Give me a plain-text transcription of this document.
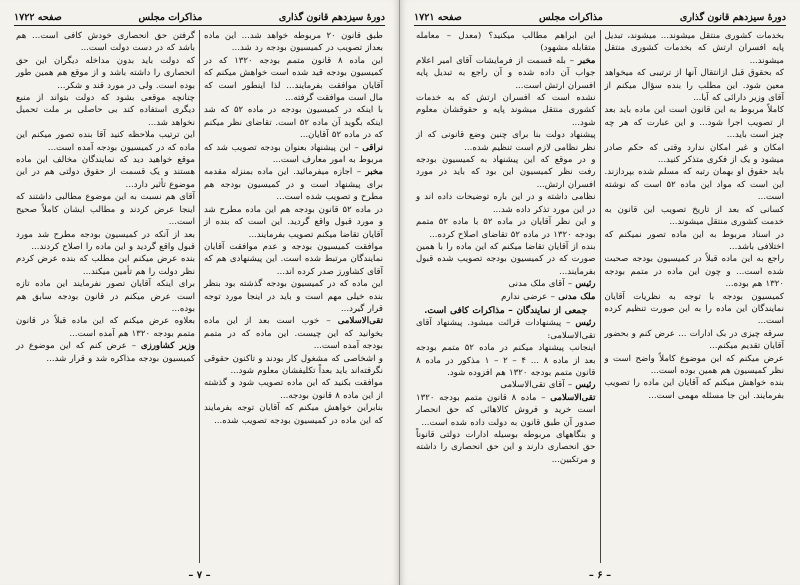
دورهٔ سیزدهم قانون گذاری
مذاکرات مجلس
صفحه ۱۷۲۲

گرفتن حق انحصاری خودش کافی است... هم باشد که در دست دولت است...

که دولت باید بدون مداخله دیگران این حق انحصاری را داشته باشد و از موقع هم همین طور بوده است. ولی در مورد قند و شکر...

چنانچه موقعی بشود که دولت بتواند از منبع دیگری استفاده کند بی حاصلی بر ملت تحمیل نخواهد شد...

این ترتیب ملاحظه کنید آقا بنده تصور میکنم این ماده که در کمیسیون بودجه آمده است...

موقع خواهید دید که نمایندگان مخالف این ماده هستند و یک قسمت از حقوق دولتی هم در این موضوع تأثیر دارد...

آقای هم نسبت به این موضوع مطالبی داشتند که اینجا عرض کردند و مطالب ایشان کاملاً صحیح است...

بعد از آنکه در کمیسیون بودجه مطرح شد مورد قبول واقع گردید و این ماده را اصلاح کردند...

بنده عرض میکنم این مطلب که بنده عرض کردم نظر دولت را هم تأمین میکند...

برای اینکه آقایان تصور نفرمایند این ماده تازه است عرض میکنم در قانون بودجه سابق هم بوده...

بعلاوه عرض میکنم که این ماده قبلاً در قانون متمم بودجه ۱۳۲۰ هم آمده است...

وزیر کشاورزی – عرض کنم که این موضوع در کمیسیون بودجه مذاکره شد و قرار شد...

طبق قانون ۲۰ مربوطه ‌خواهد شد... این ماده بعداز تصویب در کمیسیون بودجه رد شد...

این ماده ۸ قانون متمم بودجه ۱۳۲۰ که در کمیسیون بودجه قید شده است خواهش میکنم که آقایان موافقت بفرمایند... لذا اینطور است که مال است موافقت گرفته...

با اینکه در کمیسیون بودجه در ماده ۵۲ که شد اینکه بگوید آن ماده ۵۲ است. تقاضای نظر میکنم که در ماده ۵۲ آقایان...

نراقی – این پیشنهاد بعنوان بودجه تصویب شد که مربوط به امور معارف است...

مخبر – اجازه میفرمائید. این ماده بمنزله مقدمه برای پیشنهاد است و در کمیسیون بودجه هم مطرح و تصویب شده است...

در ماده ۵۲ قانون بودجه هم این ماده مطرح شد و مورد قبول واقع گردید. این است که بنده از آقایان تقاضا میکنم تصویب بفرمایند...

موافقت کمیسیون بودجه و عدم موافقت آقایان نمایندگان مرتبط شده است. این پیشنهادی هم که آقای کشاورز صدر کرده اند...

این ماده که در کمیسیون بودجه گذشته بود بنظر بنده خیلی مهم است و باید در اینجا مورد توجه قرار گیرد...

تقی‌الاسلامی – خوب است بعد از این ماده بخوانید که این چیست. این ماده که در متمم بودجه آمده است...

و اشخاصی که مشغول کار بودند و تاکنون حقوقی نگرفته‌اند باید بعداً تکلیفشان معلوم شود...

موافقت بکنید که این ماده تصویب شود و گذشته از این ماده ۸ قانون بودجه...

بنابراین خواهش میکنم که آقایان توجه بفرمایند که این ماده در کمیسیون بودجه تصویب شده...

– ۷ –
دورهٔ سیزدهم قانون گذاری
مذاکرات مجلس
صفحه ۱۷۲۱

این ابراهم مطالب میکنید؟ (معدل – معامله متقابله مشهود)

مخبر – بله قسمت از فرمایشات آقای امیر اعلام جواب آن داده شده و آن راجع به تبدیل پایه افسران ارتش است...

نشده است که افسران ارتش که به خدمات کشوری منتقل میشوند پایه و حقوقشان معلوم شود...

پیشنهاد دولت بنا برای چنین وضع قانونی که از نظر نظامی لازم است تنظیم شده...

و در موقع که این پیشنهاد به کمیسیون بودجه رفت نظر کمیسیون این بود که باید در مورد افسران ارتش...

نظامی داشته و در این باره توضیحات داده اند و در این مورد تذکر داده شد...

و این نظر آقایان در ماده ۵۲ با ماده ۵۲ متمم بودجه ۱۳۲۰ در ماده ۵۲ تقاضای اصلاح کرده...

بنده از آقایان تقاضا میکنم که این ماده را با همین صورت که در کمیسیون بودجه تصویب شده قبول بفرمایند...

رئیس – آقای ملک مدنی

ملک مدنی – عرضی ندارم

جمعی از نمایندگان – مذاکرات کافی است.

رئیس – پیشنهادات قرائت میشود. پیشنهاد آقای تقی‌الاسلامی:

اینجانب پیشنهاد میکنم در ماده ۵۲ متمم بودجه بعد از ماده ۸ ... ۴ – ۲ – ۱ مذکور در ماده ۸ قانون متمم بودجه ۱۳۲۰ هم افزوده شود.

رئیس – آقای تقی‌الاسلامی

تقی‌الاسلامی – ماده ۸ قانون متمم بودجه ۱۳۲۰ است خرید و فروش کالاهائی که حق انحصار صدور آن طبق قانون به دولت داده شده است...

و بنگاههای مربوطه بوسیله ادارات دولتی قانوناً حق انحصاری دارند و این حق انحصاری را داشته و مرتکبین...

بخدمات کشوری منتقل میشوند... میشوند، تبدیل پایه افسران ارتش که بخدمات کشوری منتقل میشوند...

که بحقوق قبل ازانتقال آنها از ترتیبی که میخواهد معین شود. این مطلب را بنده سؤال میکنم از آقای وزیر دارائی که آیا...

کاملاً مربوط به این قانون است این ماده باید بعد از تصویب اجرا شود... و این عبارت که هر چه چیز است باید...

امکان و غیر امکان ندارد وقتی که حکم صادر میشود و یک از فکری متذکر کنید...

باید حقوق او بهمان رتبه که مسلم شده بپردازند. این است که مواد این ماده ۵۲ است که نوشته است...

کسانی که بعد از تاریخ تصویب این قانون به خدمت کشوری منتقل میشوند...

در اسناد مربوط به این ماده تصور نمیکنم که اختلافی باشد...

راجع به این ماده قبلاً در کمیسیون بودجه صحبت شده است... و چون این ماده در متمم بودجه ۱۳۲۰ هم بوده...

کمیسیون بودجه با توجه به نظریات آقایان نمایندگان این ماده را به این صورت تنظیم کرده است...

سرقه چیزی در بک ادارات ... عرض کنم و بحضور آقایان تقدیم میکنم...

عرض میکنم که این موضوع کاملاً واضح است و نظر کمیسیون هم همین بوده است...

بنده خواهش میکنم که آقایان این ماده را تصویب بفرمایند. این جا مسئله مهمی است...

– ۶ –
